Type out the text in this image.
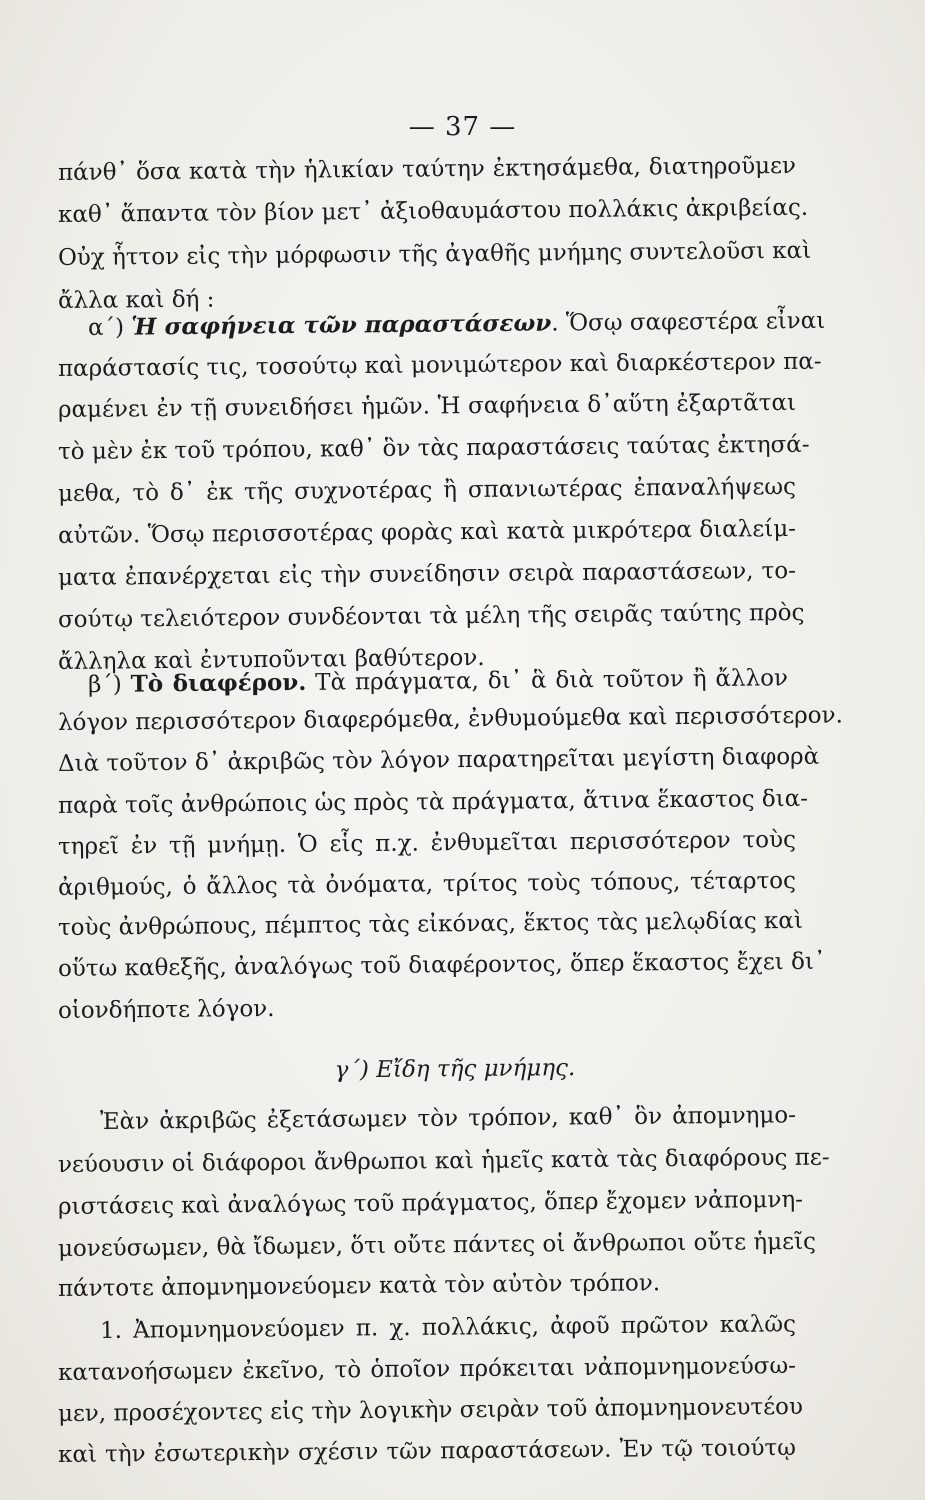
— 37 —
πάνθ᾽ ὅσα κατὰ τὴν ἡλικίαν ταύτην ἐκτησάμεθα, διατηροῦμεν
καθ᾽ ἅπαντα τὸν βίον μετ᾽ ἀξιοθαυμάστου πολλάκις ἀκριβείας.
Οὐχ ἧττον εἰς τὴν μόρφωσιν τῆς ἀγαθῆς μνήμης συντελοῦσι καὶ
ἄλλα καὶ δή :
α΄) Ἡ σαφήνεια τῶν παραστάσεων. Ὅσῳ σαφεστέρα εἶναι
παράστασίς τις, τοσούτῳ καὶ μονιμώτερον καὶ διαρκέστερον πα-
ραμένει ἐν τῇ συνειδήσει ἡμῶν. Ἡ σαφήνεια δ᾽αὕτη ἐξαρτᾶται
τὸ μὲν ἐκ τοῦ τρόπου, καθ᾽ ὃν τὰς παραστάσεις ταύτας ἐκτησά-
μεθα, τὸ δ᾽ ἐκ τῆς συχνοτέρας ἢ σπανιωτέρας ἐπαναλήψεως
αὐτῶν. Ὅσῳ περισσοτέρας φορὰς καὶ κατὰ μικρότερα διαλείμ-
ματα ἐπανέρχεται εἰς τὴν συνείδησιν σειρὰ παραστάσεων, το-
σούτῳ τελειότερον συνδέονται τὰ μέλη τῆς σειρᾶς ταύτης πρὸς
ἄλληλα καὶ ἐντυποῦνται βαθύτερον.
β΄) Τὸ διαφέρον. Τὰ πράγματα, δι᾽ ἃ διὰ τοῦτον ἢ ἄλλον
λόγον περισσότερον διαφερόμεθα, ἐνθυμούμεθα καὶ περισσότερον.
Διὰ τοῦτον δ᾽ ἀκριβῶς τὸν λόγον παρατηρεῖται μεγίστη διαφορὰ
παρὰ τοῖς ἀνθρώποις ὡς πρὸς τὰ πράγματα, ἅτινα ἕκαστος δια-
τηρεῖ ἐν τῇ μνήμῃ. Ὁ εἷς π.χ. ἐνθυμεῖται περισσότερον τοὺς
ἀριθμούς, ὁ ἄλλος τὰ ὀνόματα, τρίτος τοὺς τόπους, τέταρτος
τοὺς ἀνθρώπους, πέμπτος τὰς εἰκόνας, ἕκτος τὰς μελῳδίας καὶ
οὕτω καθεξῆς, ἀναλόγως τοῦ διαφέροντος, ὅπερ ἕκαστος ἔχει δι᾽
οἱονδήποτε λόγον.
γ΄) Εἴδη τῆς μνήμης.
Ἐὰν ἀκριβῶς ἐξετάσωμεν τὸν τρόπον, καθ᾽ ὃν ἀπομνημο-
νεύουσιν οἱ διάφοροι ἄνθρωποι καὶ ἡμεῖς κατὰ τὰς διαφόρους πε-
ριστάσεις καὶ ἀναλόγως τοῦ πράγματος, ὅπερ ἔχομεν νἀπομνη-
μονεύσωμεν, θὰ ἴδωμεν, ὅτι οὔτε πάντες οἱ ἄνθρωποι οὔτε ἡμεῖς
πάντοτε ἀπομνημονεύομεν κατὰ τὸν αὐτὸν τρόπον.
1. Ἀπομνημονεύομεν π. χ. πολλάκις, ἀφοῦ πρῶτον καλῶς
κατανοήσωμεν ἐκεῖνο, τὸ ὁποῖον πρόκειται νἀπομνημονεύσω-
μεν, προσέχοντες εἰς τὴν λογικὴν σειρὰν τοῦ ἀπομνημονευτέου
καὶ τὴν ἐσωτερικὴν σχέσιν τῶν παραστάσεων. Ἐν τῷ τοιούτῳ
